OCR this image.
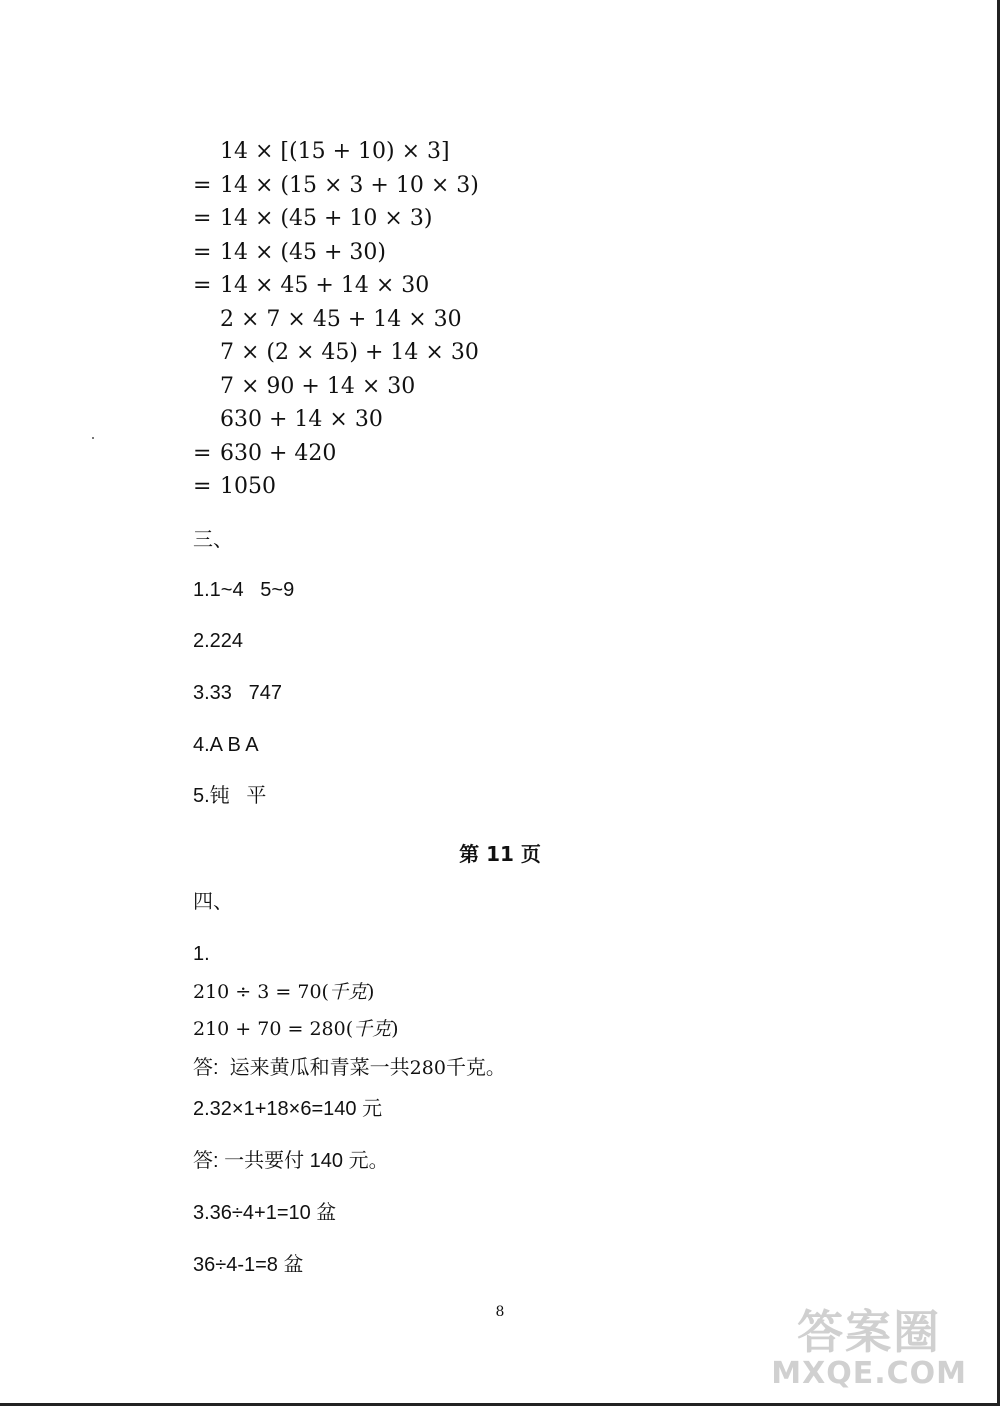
14 × [(15 + 10) × 3]
= 14 × (15 × 3 + 10 × 3)
= 14 × (45 + 10 × 3)
= 14 × (45 + 30)
= 14 × 45 + 14 × 30
2 × 7 × 45 + 14 × 30
7 × (2 × 45) + 14 × 30
7 × 90 + 14 × 30
630 + 14 × 30
= 630 + 420
= 1050
三、
1.1~4   5~9
2.224
3.33   747
4.A B A
5.钝   平
第 11 页
四、
1.
210 ÷ 3 = 70(千克)
210 + 70 = 280(千克)
答:  运来黄瓜和青菜一共280千克。
2.32×1+18×6=140 元
答: 一共要付 140 元。
3.36÷4+1=10 盆
36÷4-1=8 盆
8	答案圈
MXQE.COM
